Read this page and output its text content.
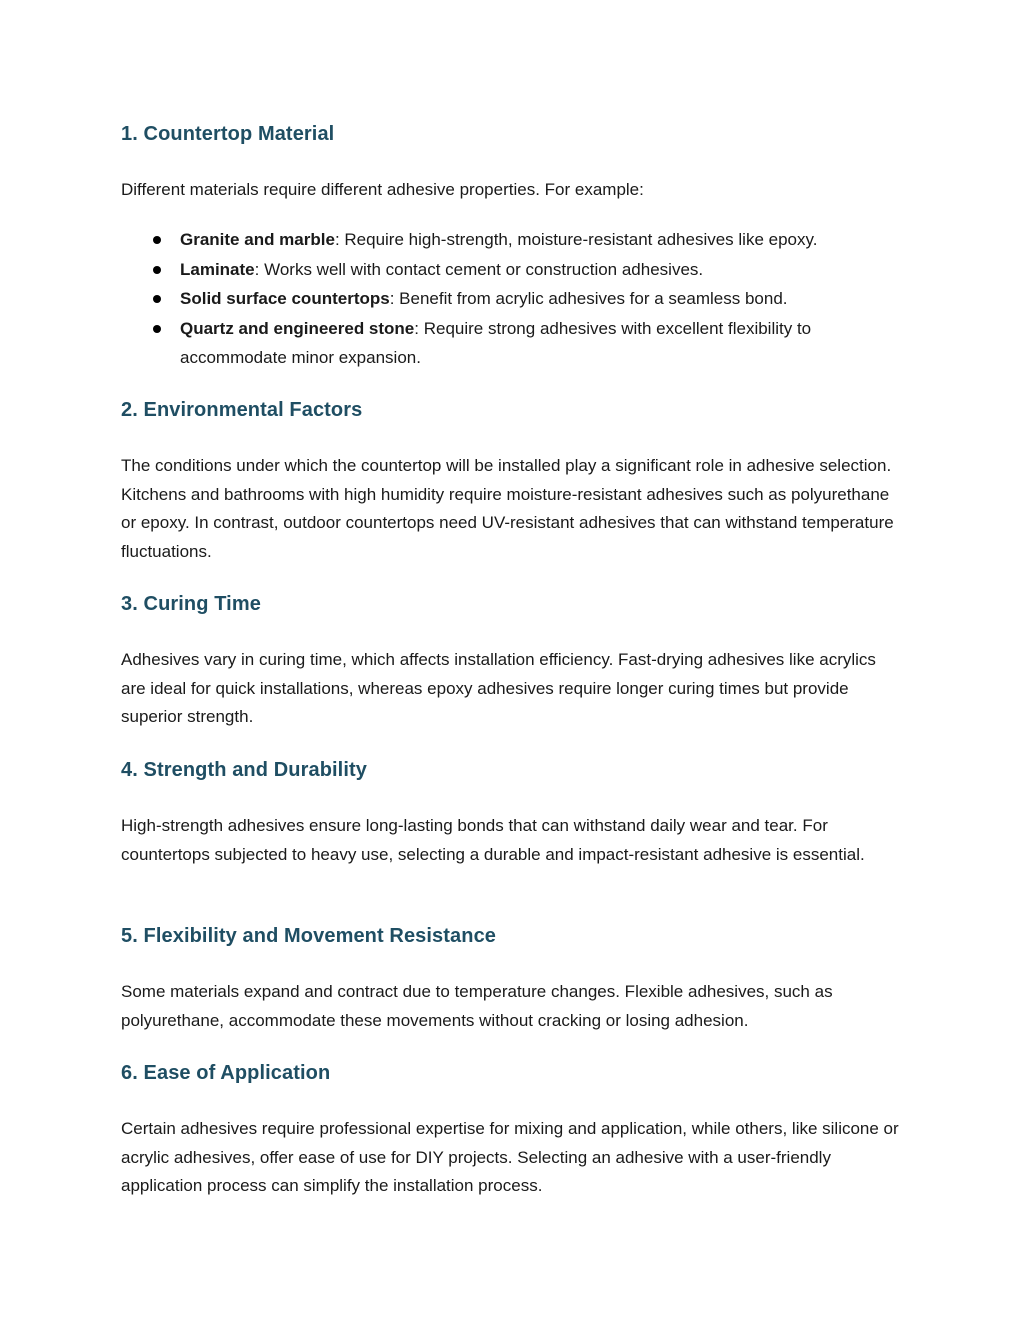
1. Countertop Material

Different materials require different adhesive properties. For example:

Granite and marble: Require high-strength, moisture-resistant adhesives like epoxy.
Laminate: Works well with contact cement or construction adhesives.
Solid surface countertops: Benefit from acrylic adhesives for a seamless bond.
Quartz and engineered stone: Require strong adhesives with excellent flexibility to accommodate minor expansion.
2. Environmental Factors

The conditions under which the countertop will be installed play a significant role in adhesive selection. Kitchens and bathrooms with high humidity require moisture-resistant adhesives such as polyurethane or epoxy. In contrast, outdoor countertops need UV-resistant adhesives that can withstand temperature fluctuations.

3. Curing Time

Adhesives vary in curing time, which affects installation efficiency. Fast-drying adhesives like acrylics are ideal for quick installations, whereas epoxy adhesives require longer curing times but provide superior strength.

4. Strength and Durability

High-strength adhesives ensure long-lasting bonds that can withstand daily wear and tear. For countertops subjected to heavy use, selecting a durable and impact-resistant adhesive is essential.

5. Flexibility and Movement Resistance

Some materials expand and contract due to temperature changes. Flexible adhesives, such as polyurethane, accommodate these movements without cracking or losing adhesion.

6. Ease of Application

Certain adhesives require professional expertise for mixing and application, while others, like silicone or acrylic adhesives, offer ease of use for DIY projects. Selecting an adhesive with a user-friendly application process can simplify the installation process.
